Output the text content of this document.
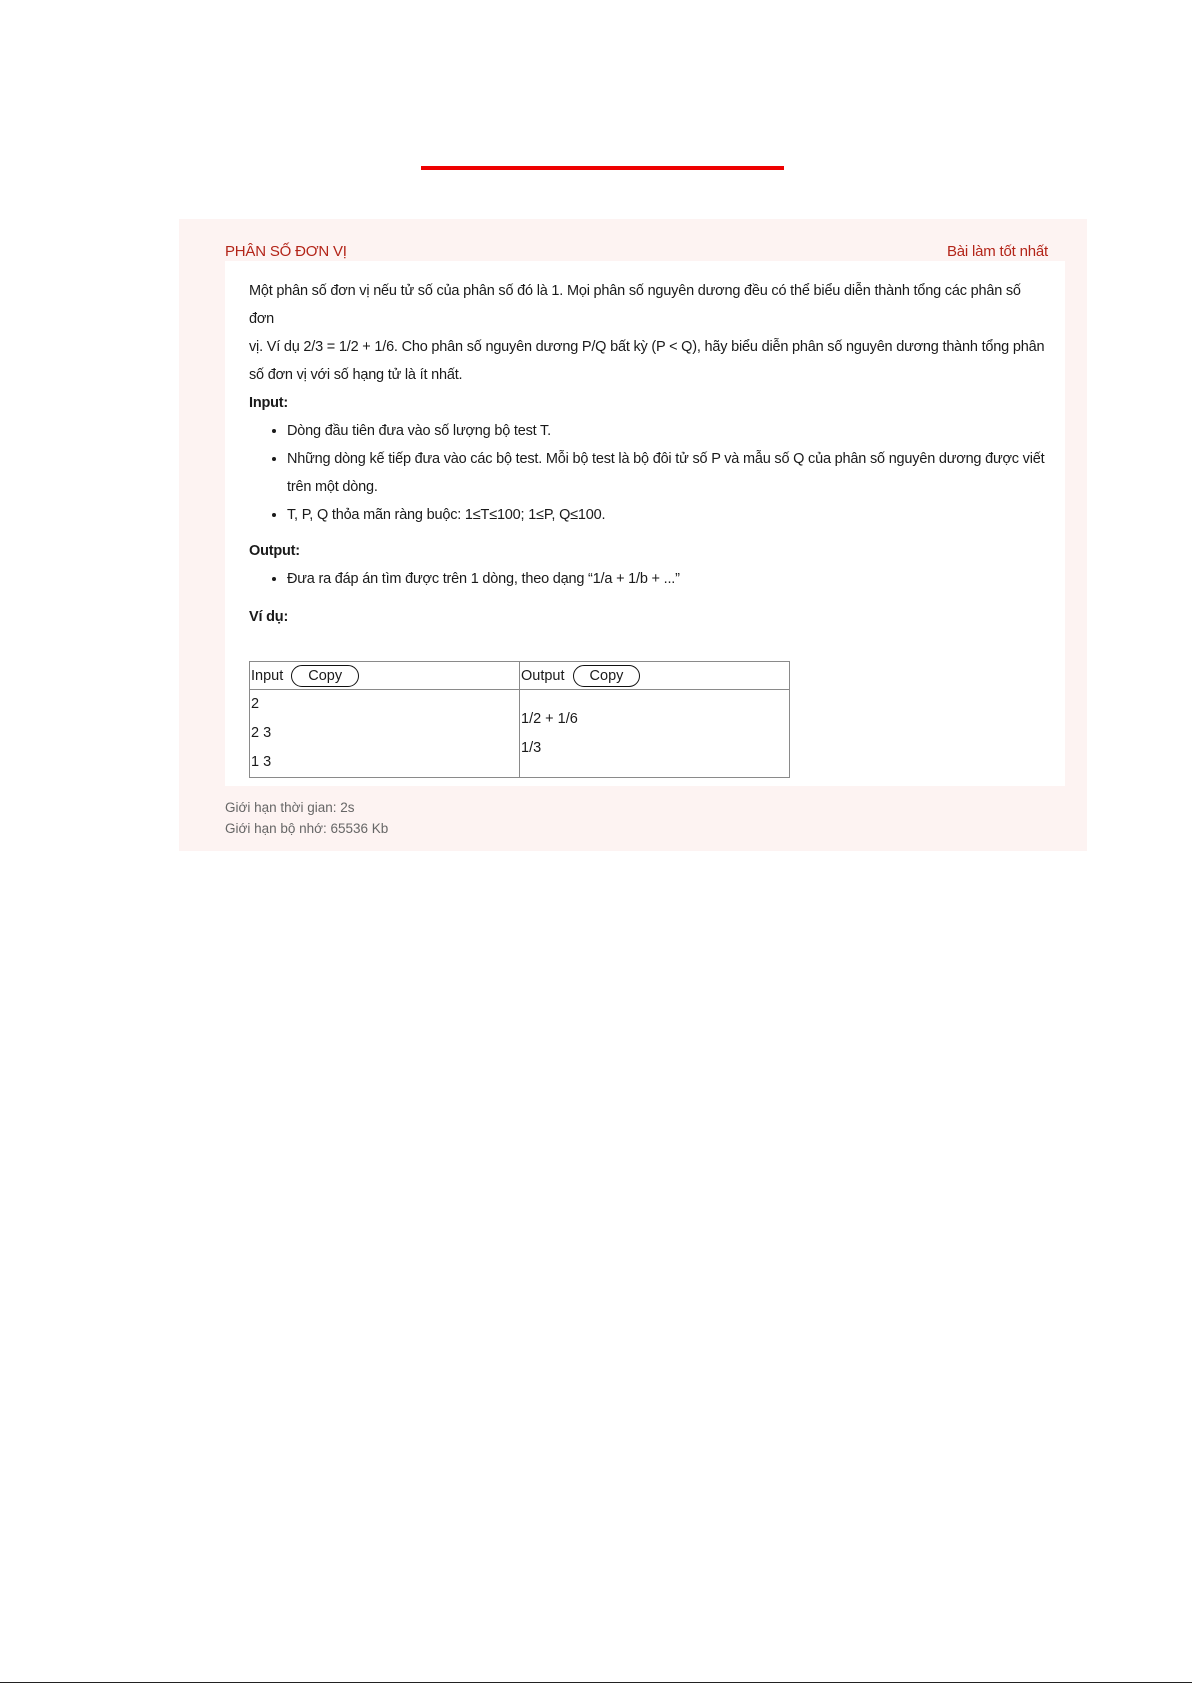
PHÂN SỐ ĐƠN VỊ	Bài làm tốt nhất

Một phân số đơn vị nếu tử số của phân số đó là 1. Mọi phân số nguyên dương đều có thể biểu diễn thành tổng các phân số đơn

vị. Ví dụ 2/3 = 1/2 + 1/6. Cho phân số nguyên dương P/Q bất kỳ (P < Q), hãy biểu diễn phân số nguyên dương thành tổng phân

số đơn vị với số hạng tử là ít nhất.

Input:

• Dòng đầu tiên đưa vào số lượng bộ test T.
• Những dòng kế tiếp đưa vào các bộ test. Mỗi bộ test là bộ đôi tử số P và mẫu số Q của phân số nguyên dương được viết
trên một dòng.
• T, P, Q thỏa mãn ràng buộc: 1≤T≤100; 1≤P, Q≤100.

Output:

• Đưa ra đáp án tìm được trên 1 dòng, theo dạng “1/a + 1/b + ...”

Ví dụ:

Input Copy	Output Copy

2
2 3
1 3	1/2 + 1/6
1/3
Giới hạn thời gian: 2s
Giới hạn bộ nhớ: 65536 Kb
